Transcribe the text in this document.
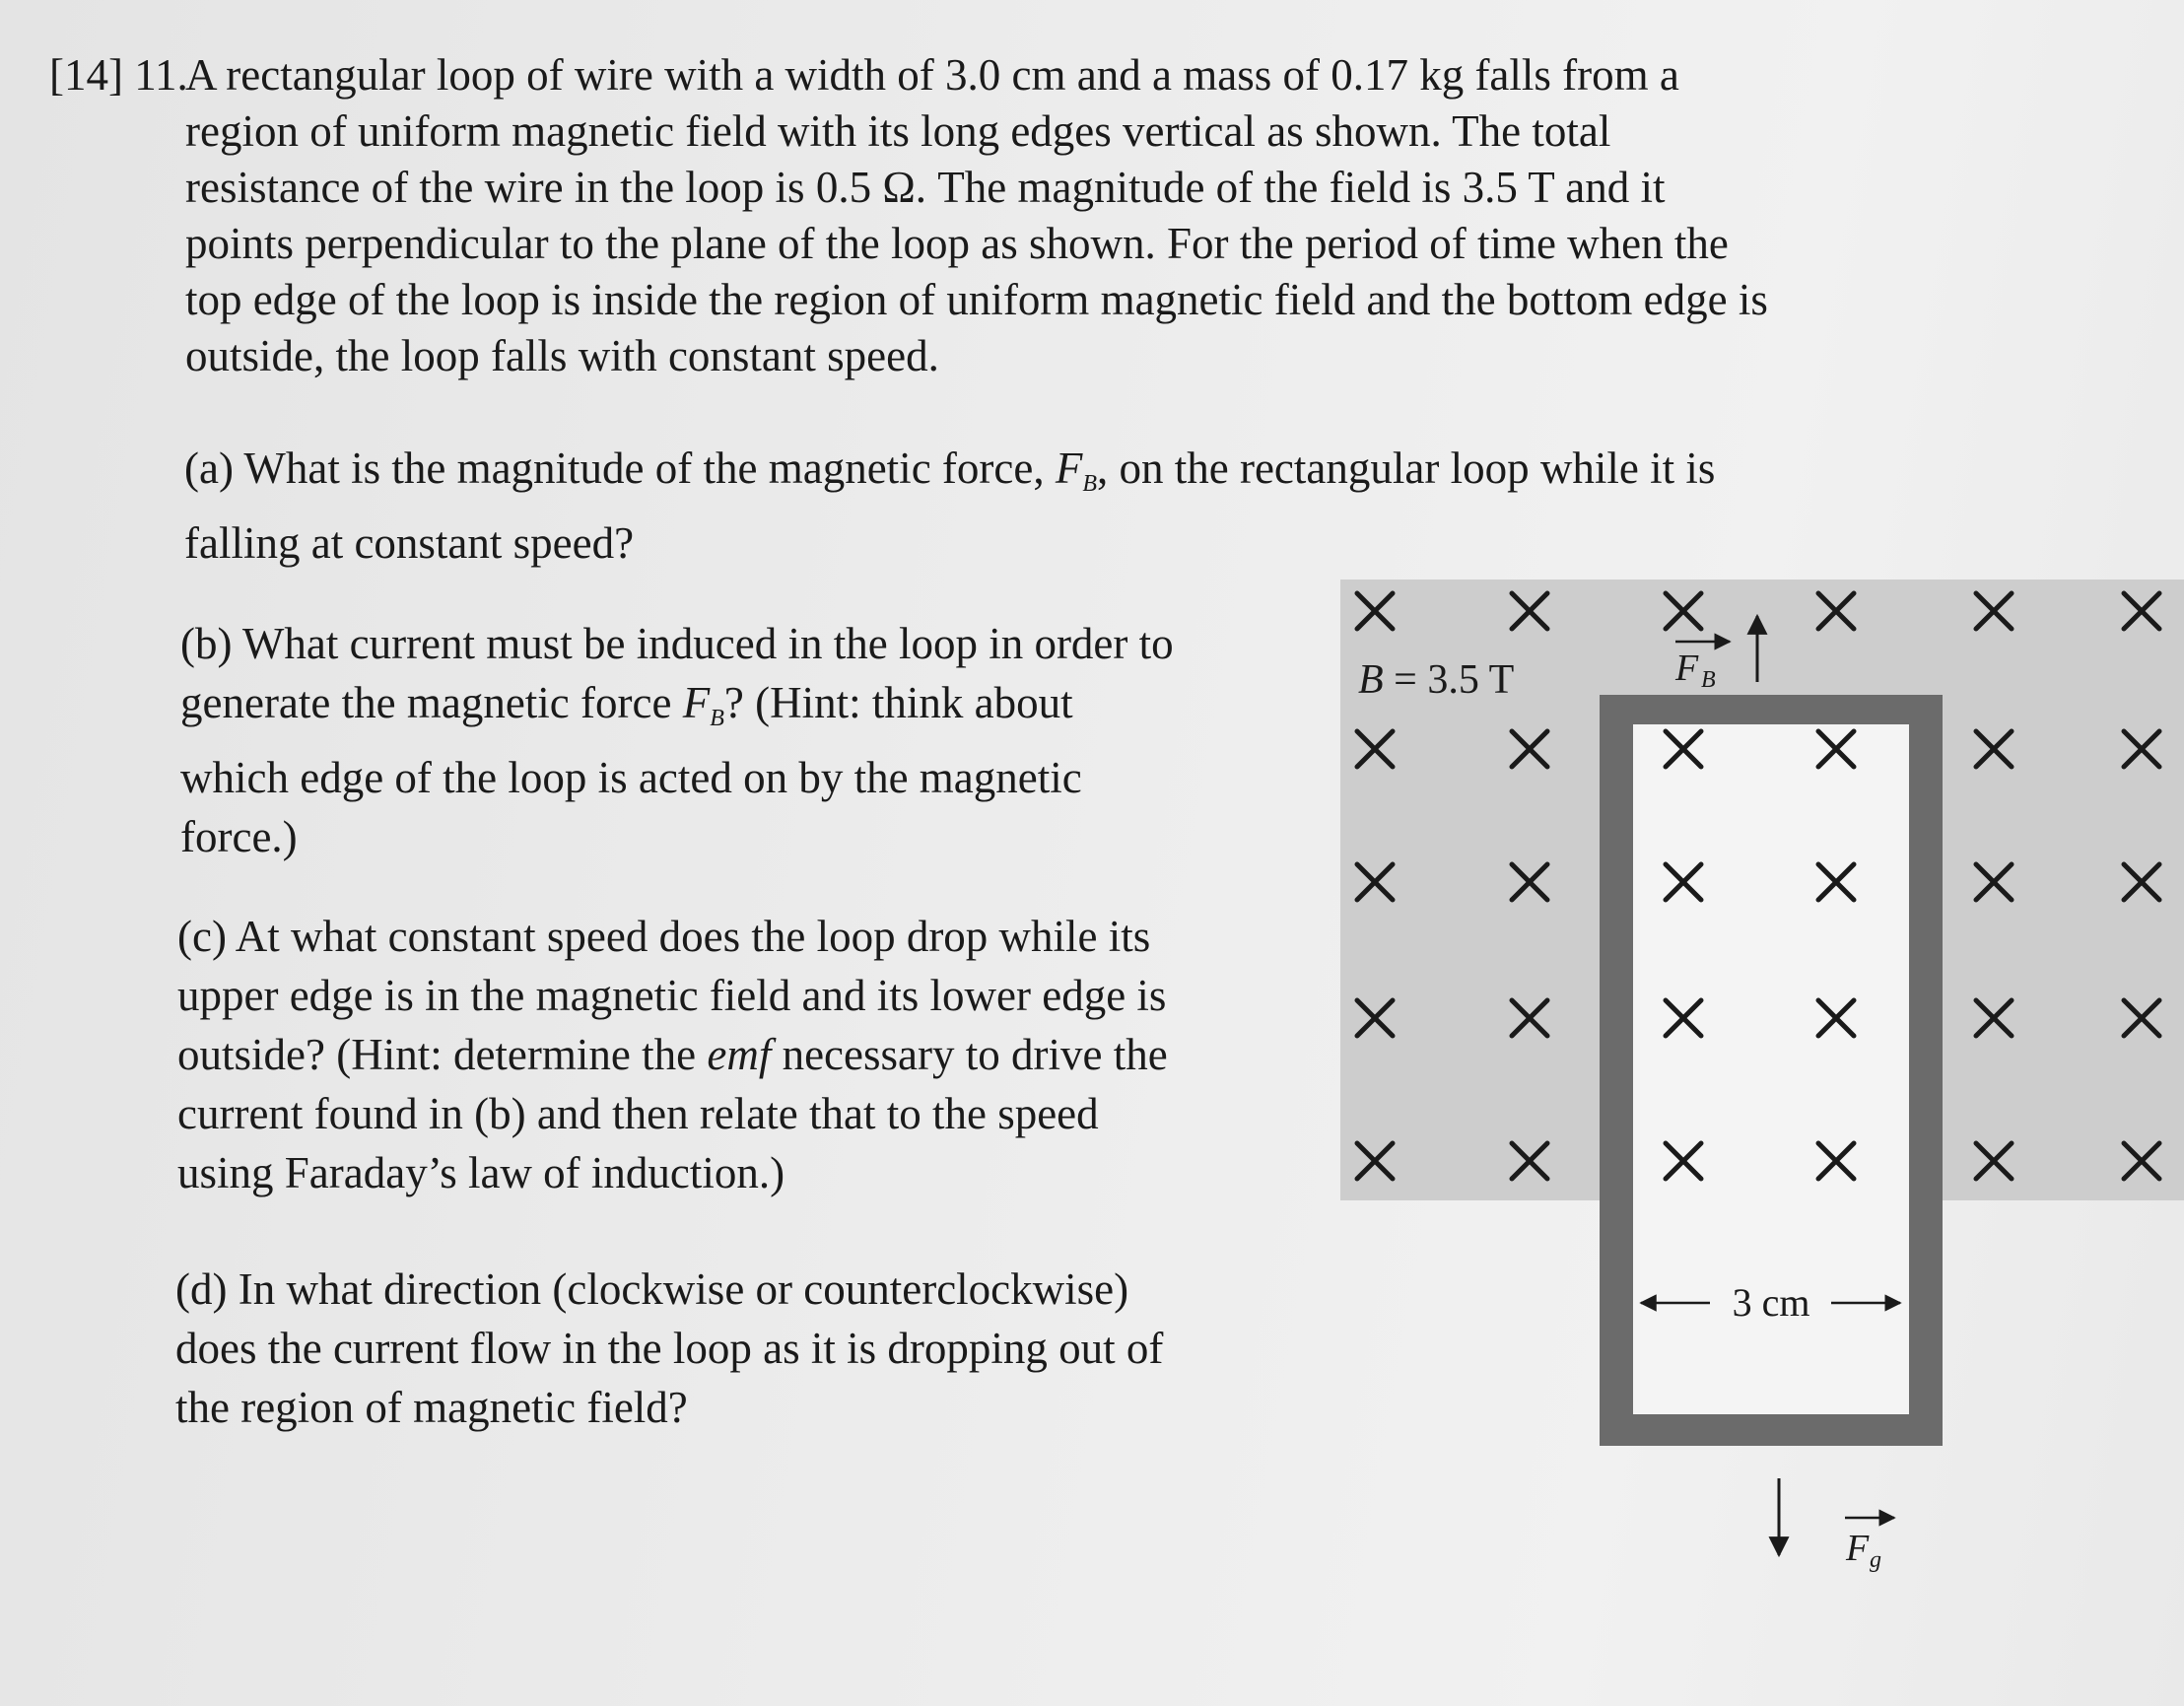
[14] 11.
A rectangular loop of wire with a width of 3.0 cm and a mass of 0.17 kg falls from a
region of uniform magnetic field with its long edges vertical as shown. The total
resistance of the wire in the loop is 0.5 Ω. The magnitude of the field is 3.5 T and it
points perpendicular to the plane of the loop as shown. For the period of time when the
top edge of the loop is inside the region of uniform magnetic field and the bottom edge is
outside, the loop falls with constant speed.
(a) What is the magnitude of the magnetic force, $F_B$, on the rectangular loop while it is
falling at constant speed?
(b) What current must be induced in the loop in order to
generate the magnetic force $F_B$? (Hint: think about
which edge of the loop is acted on by the magnetic
force.)
(c) At what constant speed does the loop drop while its
upper edge is in the magnetic field and its lower edge is
outside? (Hint: determine the emf necessary to drive the
current found in (b) and then relate that to the speed
using Faraday’s law of induction.)
(d) In what direction (clockwise or counterclockwise)
does the current flow in the loop as it is dropping out of
the region of magnetic field?
B = 3.5 T	F B
3 cm
F g
